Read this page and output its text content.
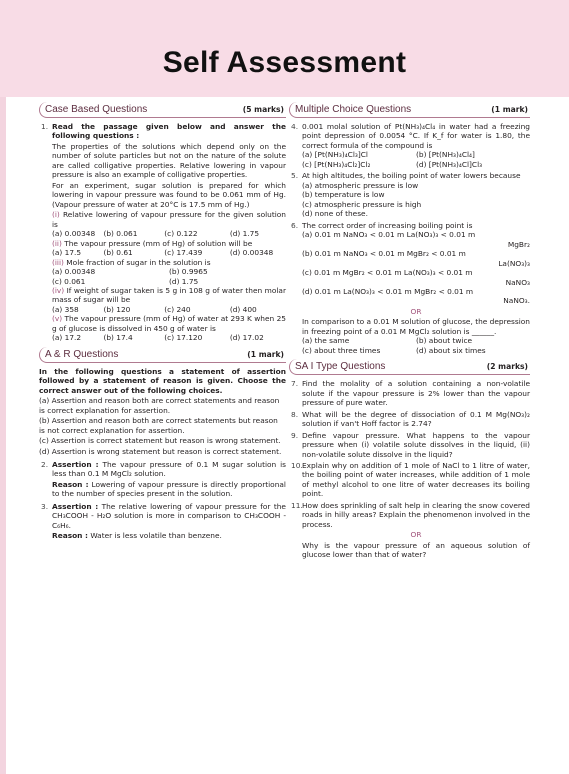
Self Assessment
Case Based Questions	(5 marks)
1. Read the passage given below and answer the following questions :
The properties of the solutions which depend only on the number of solute particles but not on the nature of the solute are called colligative properties. Relative lowering in vapour pressure is also an example of colligative properties.
For an experiment, sugar solution is prepared for which lowering in vapour pressure was found to be 0.061 mm of Hg. (Vapour pressure of water at 20°C is 17.5 mm of Hg.)
(i) Relative lowering of vapour pressure for the given solution is
(a) 0.00348	(b) 0.061	(c) 0.122	(d) 1.75
(ii) The vapour pressure (mm of Hg) of solution will be
(a) 17.5	(b) 0.61	(c) 17.439	(d) 0.00348
(iii) Mole fraction of sugar in the solution is
(a) 0.00348	(b) 0.9965
(c) 0.061	(d) 1.75
(iv) If weight of sugar taken is 5 g in 108 g of water then molar mass of sugar will be
(a) 358	(b) 120	(c) 240	(d) 400
(v) The vapour pressure (mm of Hg) of water at 293 K when 25 g of glucose is dissolved in 450 g of water is
(a) 17.2	(b) 17.4	(c) 17.120	(d) 17.02
A & R Questions	(1 mark)
In the following questions a statement of assertion followed by a statement of reason is given. Choose the correct answer out of the following choices.
(a) Assertion and reason both are correct statements and reason is correct explanation for assertion.
(b) Assertion and reason both are correct statements but reason is not correct explanation for assertion.
(c) Assertion is correct statement but reason is wrong statement.
(d) Assertion is wrong statement but reason is correct statement.
2. Assertion : The vapour pressure of 0.1 M sugar solution is less than 0.1 M MgCl₂ solution.
Reason : Lowering of vapour pressure is directly proportional to the number of species present in the solution.
3. Assertion : The relative lowering of vapour pressure for the CH₃COOH - H₂O solution is more in comparison to CH₃COOH - C₆H₆.
Reason : Water is less volatile than benzene.
Multiple Choice Questions	(1 mark)
4. 0.001 molal solution of Pt(NH₃)₄Cl₄ in water had a freezing point depression of 0.0054 °C. If K_f for water is 1.80, the correct formula of the compound is
(a) [Pt(NH₃)₄Cl₃]Cl	(b) [Pt(NH₃)₄Cl₄]
(c) [Pt(NH₃)₄Cl₂]Cl₂	(d) [Pt(NH₃)₄Cl]Cl₃
5. At high altitudes, the boiling point of water lowers because
(a) atmospheric pressure is low
(b) temperature is low
(c) atmospheric pressure is high
(d) none of these.
6. The correct order of increasing boiling point is
(a) 0.01 m NaNO₃ < 0.01 m La(NO₃)₃ < 0.01 m
MgBr₂
(b) 0.01 m NaNO₃ < 0.01 m MgBr₂ < 0.01 m
La(NO₃)₃
(c) 0.01 m MgBr₂ < 0.01 m La(NO₃)₃ < 0.01 m
NaNO₃
(d) 0.01 m La(NO₃)₃ < 0.01 m MgBr₂ < 0.01 m
NaNO₃.
OR
In comparison to a 0.01 M solution of glucose, the depression in freezing point of a 0.01 M MgCl₂ solution is ______.
(a) the same	(b) about twice
(c) about three times	(d) about six times
SA I Type Questions	(2 marks)
7. Find the molality of a solution containing a non-volatile solute if the vapour pressure is 2% lower than the vapour pressure of pure water.
8. What will be the degree of dissociation of 0.1 M Mg(NO₃)₂ solution if van't Hoff factor is 2.74?
9. Define vapour pressure. What happens to the vapour pressure when (i) volatile solute dissolves in the liquid, (ii) non-volatile solute dissolve in the liquid?
10. Explain why on addition of 1 mole of NaCl to 1 litre of water, the boiling point of water increases, while addition of 1 mole of methyl alcohol to one litre of water decreases its boiling point.
11. How does sprinkling of salt help in clearing the snow covered roads in hilly areas? Explain the phenomenon involved in the process.
OR
Why is the vapour pressure of an aqueous solution of glucose lower than that of water?
